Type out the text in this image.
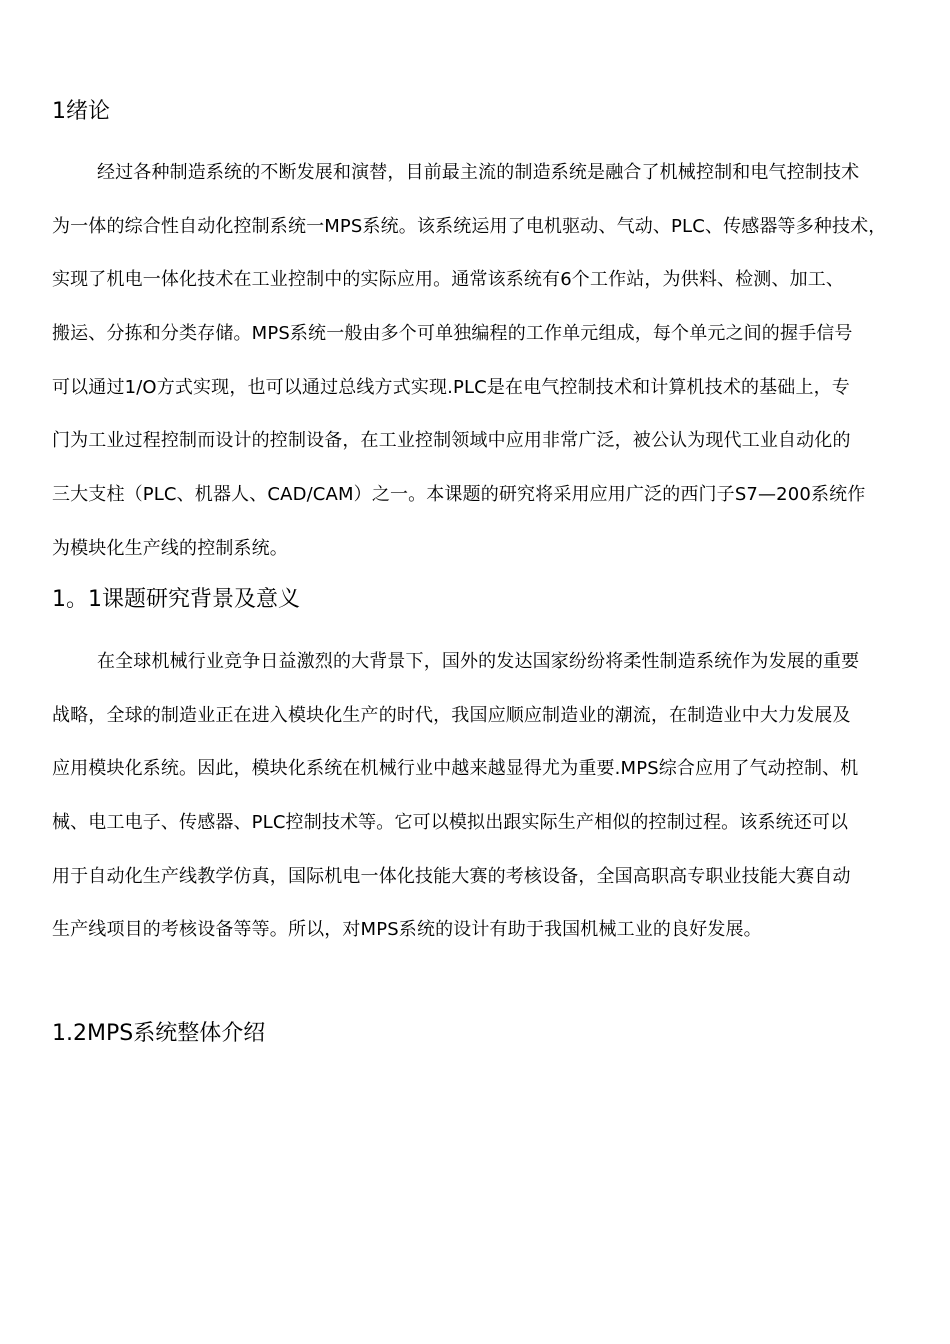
1绪论
经过各种制造系统的不断发展和演替，目前最主流的制造系统是融合了机械控制和电气控制技术
为一体的综合性自动化控制系统一MPS系统。该系统运用了电机驱动、气动、PLC、传感器等多种技术，
实现了机电一体化技术在工业控制中的实际应用。通常该系统有6个工作站，为供料、检测、加工、
搬运、分拣和分类存储。MPS系统一般由多个可单独编程的工作单元组成，每个单元之间的握手信号
可以通过1/O方式实现，也可以通过总线方式实现.PLC是在电气控制技术和计算机技术的基础上，专
门为工业过程控制而设计的控制设备，在工业控制领域中应用非常广泛，被公认为现代工业自动化的
三大支柱（PLC、机器人、CAD/CAM）之一。本课题的研究将采用应用广泛的西门子S7—200系统作
为模块化生产线的控制系统。
1。1课题研究背景及意义
在全球机械行业竞争日益激烈的大背景下，国外的发达国家纷纷将柔性制造系统作为发展的重要
战略，全球的制造业正在进入模块化生产的时代，我国应顺应制造业的潮流，在制造业中大力发展及
应用模块化系统。因此，模块化系统在机械行业中越来越显得尤为重要.MPS综合应用了气动控制、机
械、电工电子、传感器、PLC控制技术等。它可以模拟出跟实际生产相似的控制过程。该系统还可以
用于自动化生产线教学仿真，国际机电一体化技能大赛的考核设备，全国高职高专职业技能大赛自动
生产线项目的考核设备等等。所以，对MPS系统的设计有助于我国机械工业的良好发展。
1.2MPS系统整体介绍
